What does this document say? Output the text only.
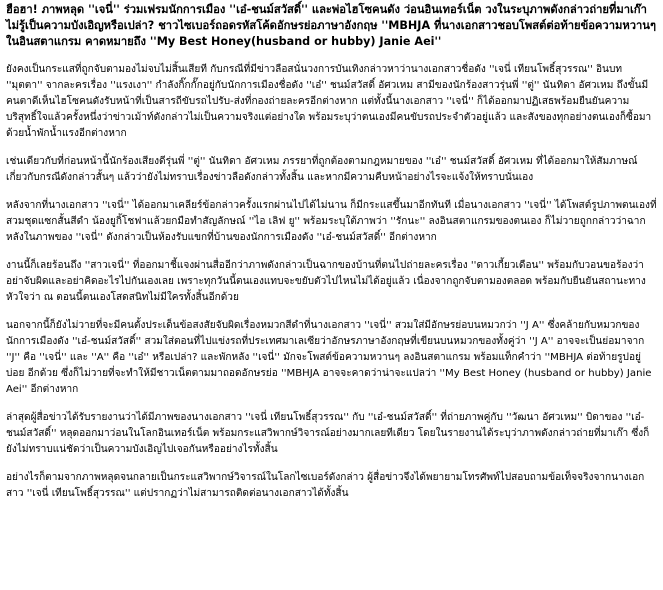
ฮือฮา! ภาพหลุด ''เจนี่'' ร่วมเฟรมนักการเมือง ''เอ๋-ชนม์สวัสดิ์'' และพ่อไฮโซคนดัง ว่อนอินเทอร์เน็ต วงในระบุภาพดังกล่าวถ่ายที่มาเก๊า ไม่รู้เป็นความบังเอิญหรือเปล่า? ชาวไซเบอร์ถอดรหัสโค้ดอักษรย่อภาษาอังกฤษ ''MBHJA ที่นางเอกสาวชอบโพสต์ต่อท้ายข้อความหวานๆ ในอินสตาแกรม คาดหมายถึง ''My Best Honey(husband or hubby) Janie Aei''

ยังคงเป็นกระแสที่ถูกจับตามองไม่จบไม่สิ้นเสียที กับกรณีที่มีข่าวลือสนั่นวงการบันเทิงกล่าวหาว่านางเอกสาวชื่อดัง ''เจนี่ เทียนโพธิ์สุวรรณ'' อินบท ''มุตตา'' จากละครเรื่อง ''แรงเงา'' กำลังกิ๊กกั๊กอยู่กับนักการเมืองชื่อดัง ''เอ๋'' ชนม์สวัสดิ์ อัศวเหม สามีของนักร้องสาวรุ่นพี่ ''ตู่'' นันทิดา อัศวเหม ถึงขั้นมีคนตาดีเห็นไฮโซคนดังรับหน้าที่เป็นสารถีขับรถไปรับ-ส่งที่กองถ่ายละครอีกต่างหาก แต่ทั้งนี้นางเอกสาว ''เจนี่'' ก็ได้ออกมาปฏิเสธพร้อมยืนยันความบริสุทธิ์ใจแล้วครั้งหนึ่งว่าข่าวเม้าท์ดังกล่าวไม่เป็นความจริงแต่อย่างใด พร้อมระบุว่าตนเองมีคนขับรถประจำตัวอยู่แล้ว และสังของทุกอย่างตนเองก็ซื้อมาด้วยน้ำพักน้ำแรงอีกต่างหาก

เช่นเดียวกับที่ก่อนหน้านี้นักร้องเสียงดีรุ่นพี่ ''ตู่'' นันทิดา อัศวเหม ภรรยาที่ถูกต้องตามกฎหมายของ ''เอ๋'' ชนม์สวัสดิ์ อัศวเหม ที่ได้ออกมาให้สัมภาษณ์เกี่ยวกับกรณีดังกล่าวสั้นๆ แล้วว่ายังไม่ทราบเรื่องข่าวลือดังกล่าวทั้งสิ้น และหากมีความคืบหน้าอย่างไรจะแจ้งให้ทราบนั่นเอง

หลังจากที่นางเอกสาว ''เจนี่'' ได้ออกมาเคลียร์ข้อกล่าวครั้งแรกผ่านไปได้ไม่นาน ก็มีกระแสขึ้นมาอีกทันที เมื่อนางเอกสาว ''เจนี่'' ได้โพสต์รูปภาพตนเองที่สวมชุดแซกสั้นสีดำ น้องยูกิ้โชฟาแล้วยกมือทำสัญลักษณ์ ''ไอ เลิฟ ยู'' พร้อมระบุใต้ภาพว่า ''รักนะ'' ลงอินสตาแกรมของตนเอง ก็ไม่วายถูกกล่าวว่าฉากหลังในภาพของ ''เจนี่'' ดังกล่าวเป็นห้องรับแขกที่บ้านของนักการเมืองดัง ''เอ๋-ชนม์สวัสดิ์'' อีกต่างหาก

งานนี้ก็เลยร้อนถึง ''สาวเจนี่'' ที่ออกมาชี้แจงผ่านสื่ออีกว่าภาพดังกล่าวเป็นฉากของบ้านที่ตนไปถ่ายละครเรื่อง ''ดาวเกี้ยวเดือน'' พร้อมกับวอนขอร้องว่าอย่าจับผิดและอย่าคิดอะไรไปกันเองเลย เพราะทุกวันนี้ตนเองแทบจะขยับตัวไปไหนไม่ได้อยู่แล้ว เนื่องจากถูกจับตามองตลอด พร้อมกับยืนยันสถานะทางหัวใจว่า ณ ตอนนี้ตนเองโสดสนิทไม่มีใครทั้งสิ้นอีกด้วย

นอกจากนี้ก็ยังไม่วายที่จะมีคนตั้งประเด็นข้อสงสัยจับผิดเรื่องหมวกสีดำที่นางเอกสาว ''เจนี่'' สวมใส่มีอักษรย่อบนหมวกว่า ''J A'' ซึ่งคล้ายกับหมวกของนักการเมืองดัง ''เอ๋-ชนม์สวัสดิ์'' สวมใส่ตอนที่ไปแข่งรถที่ประเทศมาเลเซียว่าอักษรภาษาอังกฤษที่เขียนบนหมวกของทั้งคู่ว่า ''J A'' อาจจะเป็นย่อมาจาก ''J'' คือ ''เจนี่'' และ ''A'' คือ ''เอ๋'' หรือเปล่า? และพักหลัง ''เจนี่'' มักจะโพสต์ข้อความหวานๆ ลงอินสตาแกรม พร้อมแท็กคำว่า ''MBHJA ต่อท้ายรูปอยู่บ่อย อีกด้วย ซึ่งก็ไม่วายที่จะทำให้มีชาวเน็ตตามมาถอดอักษรย่อ ''MBHJA อาจจะคาดว่าน่าจะแปลว่า ''My Best Honey (husband or hubby) Janie Aei'' อีกต่างหาก

ล่าสุดผู้สื่อข่าวได้รับรายงานว่าได้มีภาพของนางเอกสาว ''เจนี่ เทียนโพธิ์สุวรรณ'' กับ ''เอ๋-ชนม์สวัสดิ์'' ที่ถ่ายภาพคู่กับ ''วัฒนา อัศวเหม'' บิดาของ ''เอ๋-ชนม์สวัสดิ์'' หลุดออกมาว่อนในโลกอินเทอร์เน็ต พร้อมกระแสวิพากษ์วิจารณ์อย่างมากเลยทีเดียว โดยในรายงานได้ระบุว่าภาพดังกล่าวถ่ายที่มาเก๊า ซึ่งก็ยังไม่ทราบแน่ชัดว่าเป็นความบังเอิญไปเจอกันหรืออย่างไรทั้งสิ้น

อย่างไรก็ตามจากภาพหลุดจนกลายเป็นกระแสวิพากษ์วิจารณ์ในโลกไซเบอร์ดังกล่าว ผู้สื่อข่าวจึงได้พยายามโทรศัพท์ไปสอบถามข้อเท็จจริงจากนางเอกสาว ''เจนี่ เทียนโพธิ์สุวรรณ'' แต่ปรากฏว่าไม่สามารถติดต่อนางเอกสาวได้ทั้งสิ้น
